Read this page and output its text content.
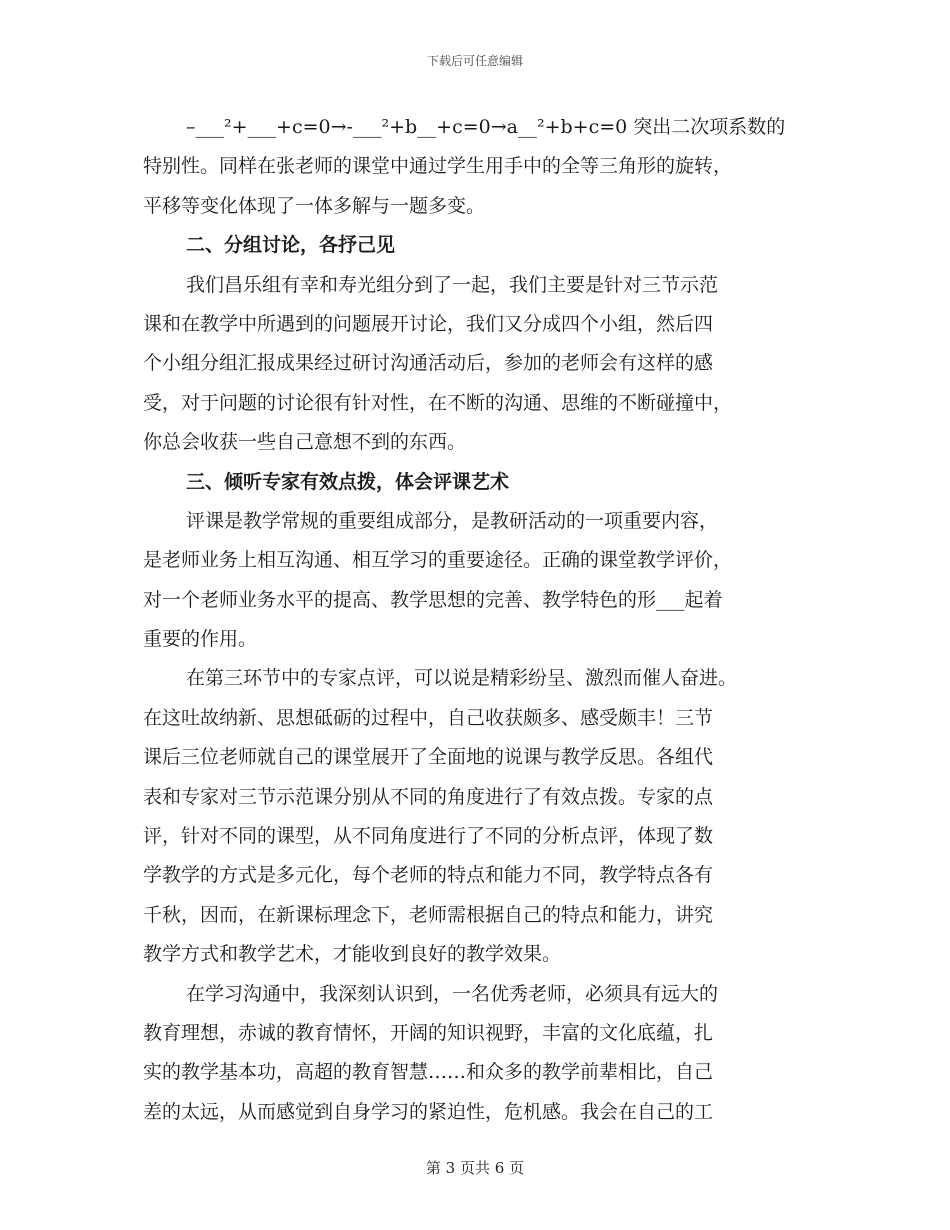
下载后可任意编辑
–___²+___+c=0→-___²+b__+c=0→a__²+b+c=0 突出二次项系数的
特别性。同样在张老师的课堂中通过学生用手中的全等三角形的旋转，
平移等变化体现了一体多解与一题多变。
二、分组讨论，各抒己见
我们昌乐组有幸和寿光组分到了一起，我们主要是针对三节示范
课和在教学中所遇到的问题展开讨论，我们又分成四个小组，然后四
个小组分组汇报成果经过研讨沟通活动后，参加的老师会有这样的感
受，对于问题的讨论很有针对性，在不断的沟通、思维的不断碰撞中，
你总会收获一些自己意想不到的东西。
三、倾听专家有效点拨，体会评课艺术
评课是教学常规的重要组成部分，是教研活动的一项重要内容，
是老师业务上相互沟通、相互学习的重要途径。正确的课堂教学评价，
对一个老师业务水平的提高、教学思想的完善、教学特色的形___起着
重要的作用。
在第三环节中的专家点评，可以说是精彩纷呈、激烈而催人奋进。
在这吐故纳新、思想砥砺的过程中，自己收获颇多、感受颇丰！三节
课后三位老师就自己的课堂展开了全面地的说课与教学反思。各组代
表和专家对三节示范课分别从不同的角度进行了有效点拨。专家的点
评，针对不同的课型，从不同角度进行了不同的分析点评，体现了数
学教学的方式是多元化，每个老师的特点和能力不同，教学特点各有
千秋，因而，在新课标理念下，老师需根据自己的特点和能力，讲究
教学方式和教学艺术，才能收到良好的教学效果。
在学习沟通中，我深刻认识到，一名优秀老师，必须具有远大的
教育理想，赤诚的教育情怀，开阔的知识视野，丰富的文化底蕴，扎
实的教学基本功，高超的教育智慧……和众多的教学前辈相比，自己
差的太远，从而感觉到自身学习的紧迫性，危机感。我会在自己的工
第 3 页共 6 页
